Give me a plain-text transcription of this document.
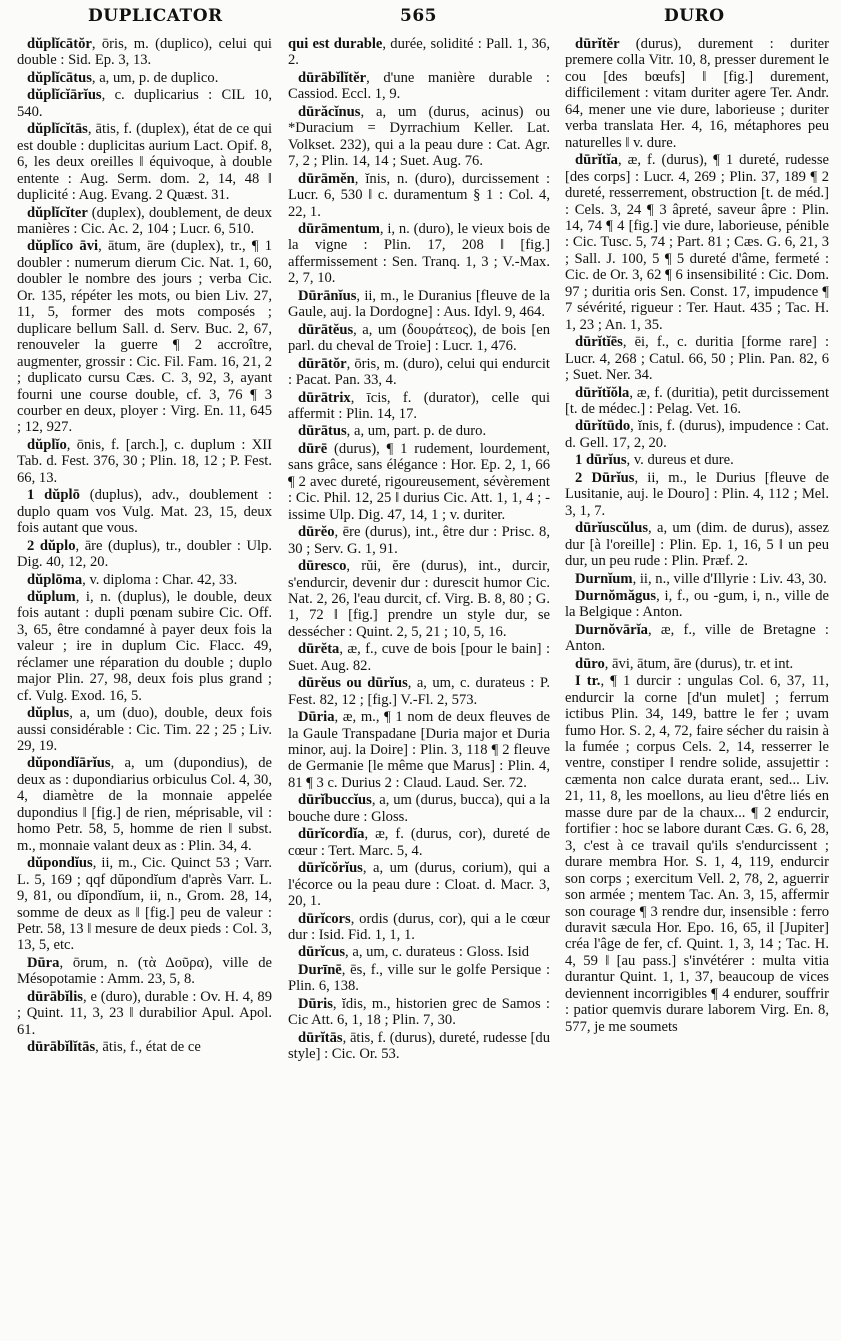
DUPLICATOR	565	DURO

dŭplĭcātŏr, ōris, m. (duplico), celui qui double : Sid. Ep. 3, 13.

dŭplĭcātus, a, um, p. de duplico.

dŭplĭcĭārĭus, c. duplicarius : CIL 10, 540.

dŭplĭcĭtās, ātis, f. (duplex), état de ce qui est double : duplicitas aurium Lact. Opif. 8, 6, les deux oreilles ‖ équivoque, à double entente : Aug. Serm. dom. 2, 14, 48 ‖ duplicité : Aug. Evang. 2 Quæst. 31.

dŭplĭcĭter (duplex), doublement, de deux manières : Cic. Ac. 2, 104 ; Lucr. 6, 510.

dŭplĭco āvi, ātum, āre (duplex), tr., ¶ 1 doubler : numerum dierum Cic. Nat. 1, 60, doubler le nombre des jours ; verba Cic. Or. 135, répéter les mots, ou bien Liv. 27, 11, 5, former des mots composés ; duplicare bellum Sall. d. Serv. Buc. 2, 67, renouveler la guerre ¶ 2 accroître, augmenter, grossir : Cic. Fil. Fam. 16, 21, 2 ; duplicato cursu Cæs. C. 3, 92, 3, ayant fourni une course double, cf. 3, 76 ¶ 3 courber en deux, ployer : Virg. En. 11, 645 ; 12, 927.

dŭplĭo, ōnis, f. [arch.], c. duplum : XII Tab. d. Fest. 376, 30 ; Plin. 18, 12 ; P. Fest. 66, 13.

1 dŭplō (duplus), adv., doublement : duplo quam vos Vulg. Mat. 23, 15, deux fois autant que vous.

2 dŭplo, āre (duplus), tr., doubler : Ulp. Dig. 40, 12, 20.

dŭplōma, v. diploma : Char. 42, 33.

dŭplum, i, n. (duplus), le double, deux fois autant : dupli pœnam subire Cic. Off. 3, 65, être condamné à payer deux fois la valeur ; ire in duplum Cic. Flacc. 49, réclamer une réparation du double ; duplo major Plin. 27, 98, deux fois plus grand ; cf. Vulg. Exod. 16, 5.

dŭplus, a, um (duo), double, deux fois aussi considérable : Cic. Tim. 22 ; 25 ; Liv. 29, 19.

dŭpondĭārĭus, a, um (dupondius), de deux as : dupondiarius orbiculus Col. 4, 30, 4, diamètre de la monnaie appelée dupondius ‖ [fig.] de rien, méprisable, vil : homo Petr. 58, 5, homme de rien ‖ subst. m., monnaie valant deux as : Plin. 34, 4.

dŭpondĭus, ii, m., Cic. Quinct 53 ; Varr. L. 5, 169 ; qqf dŭpondĭum d'après Varr. L. 9, 81, ou dĭpondĭum, ii, n., Grom. 28, 14, somme de deux as ‖ [fig.] peu de valeur : Petr. 58, 13 ‖ mesure de deux pieds : Col. 3, 13, 5, etc.

Dūra, ōrum, n. (τὰ Δοῦρα), ville de Mésopotamie : Amm. 23, 5, 8.

dūrābĭlis, e (duro), durable : Ov. H. 4, 89 ; Quint. 11, 3, 23 ‖ durabilior Apul. Apol. 61.

dūrābĭlĭtās, ātis, f., état de ce

qui est durable, durée, solidité : Pall. 1, 36, 2.

dūrābĭlĭtĕr, d'une manière durable : Cassiod. Eccl. 1, 9.

dūrăcĭnus, a, um (durus, acinus) ou *Duracium = Dyrrachium Keller. Lat. Volkset. 232), qui a la peau dure : Cat. Agr. 7, 2 ; Plin. 14, 14 ; Suet. Aug. 76.

dūrāmĕn, ĭnis, n. (duro), durcissement : Lucr. 6, 530 ‖ c. duramentum § 1 : Col. 4, 22, 1.

dūrāmentum, i, n. (duro), le vieux bois de la vigne : Plin. 17, 208 ‖ [fig.] affermissement : Sen. Tranq. 1, 3 ; V.-Max. 2, 7, 10.

Dūrānĭus, ii, m., le Duranius [fleuve de la Gaule, auj. la Dordogne] : Aus. Idyl. 9, 464.

dūrātĕus, a, um (δουράτεος), de bois [en parl. du cheval de Troie] : Lucr. 1, 476.

dūrātŏr, ōris, m. (duro), celui qui endurcit : Pacat. Pan. 33, 4.

dūrātrix, īcis, f. (durator), celle qui affermit : Plin. 14, 17.

dūrātus, a, um, part. p. de duro.

dūrē (durus), ¶ 1 rudement, lourdement, sans grâce, sans élégance : Hor. Ep. 2, 1, 66 ¶ 2 avec dureté, rigoureusement, sévèrement : Cic. Phil. 12, 25 ‖ durius Cic. Att. 1, 1, 4 ; -issime Ulp. Dig. 47, 14, 1 ; v. duriter.

dūrĕo, ēre (durus), int., être dur : Prisc. 8, 30 ; Serv. G. 1, 91.

dūresco, rŭi, ĕre (durus), int., durcir, s'endurcir, devenir dur : durescit humor Cic. Nat. 2, 26, l'eau durcit, cf. Virg. B. 8, 80 ; G. 1, 72 ‖ [fig.] prendre un style dur, se dessécher : Quint. 2, 5, 21 ; 10, 5, 16.

dūrĕta, æ, f., cuve de bois [pour le bain] : Suet. Aug. 82.

dūrĕus ou dūrĭus, a, um, c. durateus : P. Fest. 82, 12 ; [fig.] V.-Fl. 2, 573.

Dūria, æ, m., ¶ 1 nom de deux fleuves de la Gaule Transpadane [Duria major et Duria minor, auj. la Doire] : Plin. 3, 118 ¶ 2 fleuve de Germanie [le même que Marus] : Plin. 4, 81 ¶ 3 c. Durius 2 : Claud. Laud. Ser. 72.

dūrĭbuccĭus, a, um (durus, bucca), qui a la bouche dure : Gloss.

dūrĭcordĭa, æ, f. (durus, cor), dureté de cœur : Tert. Marc. 5, 4.

dūrĭcŏrĭus, a, um (durus, corium), qui a l'écorce ou la peau dure : Cloat. d. Macr. 3, 20, 1.

dūrĭcors, ordis (durus, cor), qui a le cœur dur : Isid. Fid. 1, 1, 1.

dūrĭcus, a, um, c. durateus : Gloss. Isid

Durīnē, ēs, f., ville sur le golfe Persique : Plin. 6, 138.

Dūris, ĭdis, m., historien grec de Samos : Cic Att. 6, 1, 18 ; Plin. 7, 30.

dūrĭtās, ātis, f. (durus), dureté, rudesse [du style] : Cic. Or. 53.

dūrĭtĕr (durus), durement : duriter premere colla Vitr. 10, 8, presser durement le cou [des bœufs] ‖ [fig.] durement, difficilement : vitam duriter agere Ter. Andr. 64, mener une vie dure, laborieuse ; duriter verba translata Her. 4, 16, métaphores peu naturelles ‖ v. dure.

dūrĭtĭa, æ, f. (durus), ¶ 1 dureté, rudesse [des corps] : Lucr. 4, 269 ; Plin. 37, 189 ¶ 2 dureté, resserrement, obstruction [t. de méd.] : Cels. 3, 24 ¶ 3 âpreté, saveur âpre : Plin. 14, 74 ¶ 4 [fig.] vie dure, laborieuse, pénible : Cic. Tusc. 5, 74 ; Part. 81 ; Cæs. G. 6, 21, 3 ; Sall. J. 100, 5 ¶ 5 dureté d'âme, fermeté : Cic. de Or. 3, 62 ¶ 6 insensibilité : Cic. Dom. 97 ; duritia oris Sen. Const. 17, impudence ¶ 7 sévérité, rigueur : Ter. Haut. 435 ; Tac. H. 1, 23 ; An. 1, 35.

dūrĭtĭēs, ēi, f., c. duritia [forme rare] : Lucr. 4, 268 ; Catul. 66, 50 ; Plin. Pan. 82, 6 ; Suet. Ner. 34.

dūrĭtĭŏla, æ, f. (duritia), petit durcissement [t. de médec.] : Pelag. Vet. 16.

dūrĭtūdo, ĭnis, f. (durus), impudence : Cat. d. Gell. 17, 2, 20.

1 dūrĭus, v. dureus et dure.

2 Dūrĭus, ii, m., le Durius [fleuve de Lusitanie, auj. le Douro] : Plin. 4, 112 ; Mel. 3, 1, 7.

dūrĭuscŭlus, a, um (dim. de durus), assez dur [à l'oreille] : Plin. Ep. 1, 16, 5 ‖ un peu dur, un peu rude : Plin. Præf. 2.

Durnĭum, ii, n., ville d'Illyrie : Liv. 43, 30.

Durnŏmăgus, i, f., ou -gum, i, n., ville de la Belgique : Anton.

Durnŏvārĭa, æ, f., ville de Bretagne : Anton.

dūro, āvi, ātum, āre (durus), tr. et int.

I tr., ¶ 1 durcir : ungulas Col. 6, 37, 11, endurcir la corne [d'un mulet] ; ferrum ictibus Plin. 34, 149, battre le fer ; uvam fumo Hor. S. 2, 4, 72, faire sécher du raisin à la fumée ; corpus Cels. 2, 14, resserrer le ventre, constiper ‖ rendre solide, assujettir : cæmenta non calce durata erant, sed... Liv. 21, 11, 8, les moellons, au lieu d'être liés en masse dure par de la chaux... ¶ 2 endurcir, fortifier : hoc se labore durant Cæs. G. 6, 28, 3, c'est à ce travail qu'ils s'endurcissent ; durare membra Hor. S. 1, 4, 119, endurcir son corps ; exercitum Vell. 2, 78, 2, aguerrir son armée ; mentem Tac. An. 3, 15, affermir son courage ¶ 3 rendre dur, insensible : ferro duravit sæcula Hor. Epo. 16, 65, il [Jupiter] créa l'âge de fer, cf. Quint. 1, 3, 14 ; Tac. H. 4, 59 ‖ [au pass.] s'invétérer : multa vitia durantur Quint. 1, 1, 37, beaucoup de vices deviennent incorrigibles ¶ 4 endurer, souffrir : patior quemvis durare laborem Virg. En. 8, 577, je me soumets
